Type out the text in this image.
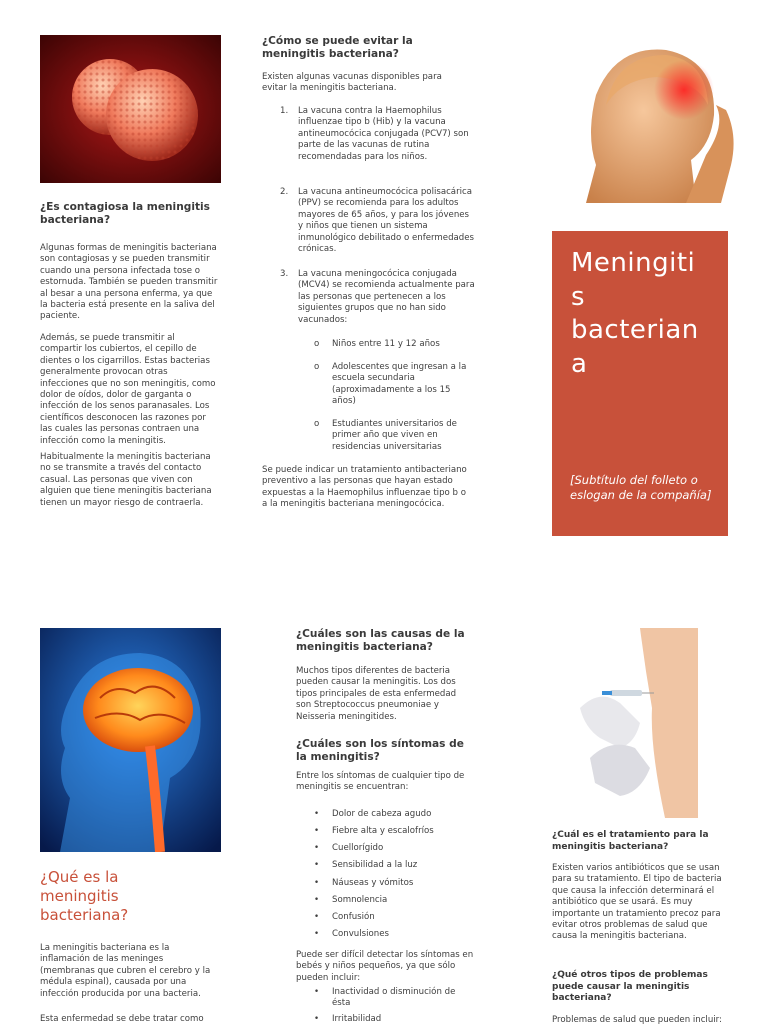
¿Es contagiosa la meningitis bacteriana?

Algunas formas de meningitis bacteriana son contagiosas y se pueden transmitir cuando una persona infectada tose o estornuda. También se pueden transmitir al besar a una persona enferma, ya que la bacteria está presente en la saliva del paciente.

Además, se puede transmitir al compartir los cubiertos, el cepillo de dientes o los cigarrillos. Estas bacterias generalmente provocan otras infecciones que no son meningitis, como dolor de oídos, dolor de garganta o infección de los senos paranasales. Los científicos desconocen las razones por las cuales las personas contraen una infección como la meningitis.

Habitualmente la meningitis bacteriana no se transmite a través del contacto casual. Las personas que viven con alguien que tiene meningitis bacteriana tienen un mayor riesgo de contraerla.

¿Cómo se puede evitar la meningitis bacteriana?

Existen algunas vacunas disponibles para evitar la meningitis bacteriana.

1. La vacuna contra la Haemophilus influenzae tipo b (Hib) y la vacuna antineumocócica conjugada (PCV7) son parte de las vacunas de rutina recomendadas para los niños.
2. La vacuna antineumocócica polisacárica (PPV) se recomienda para los adultos mayores de 65 años, y para los jóvenes y niños que tienen un sistema inmunológico debilitado o enfermedades crónicas.
3. La vacuna meningocócica conjugada (MCV4) se recomienda actualmente para las personas que pertenecen a los siguientes grupos que no han sido vacunados:
o Niños entre 11 y 12 años
o Adolescentes que ingresan a la escuela secundaria (aproximadamente a los 15 años)
o Estudiantes universitarios de primer año que viven en residencias universitarias

Se puede indicar un tratamiento antibacteriano preventivo a las personas que hayan estado expuestas a la Haemophilus influenzae tipo b o a la meningitis bacteriana meningocócica.

Meningiti
s
bacterian
a
[Subtítulo del folleto o eslogan de la compañía]
¿Qué es la meningitis bacteriana?

La meningitis bacteriana es la inflamación de las meninges (membranas que cubren el cerebro y la médula espinal), causada por una infección producida por una bacteria.

Esta enfermedad se debe tratar como

¿Cuáles son las causas de la meningitis bacteriana?

Muchos tipos diferentes de bacteria pueden causar la meningitis. Los dos tipos principales de esta enfermedad son Streptococcus pneumoniae y Neisseria meningitides.

¿Cuáles son los síntomas de la meningitis?

Entre los síntomas de cualquier tipo de meningitis se encuentran:

• Dolor de cabeza agudo
• Fiebre alta y escalofríos
• Cuellorígido
• Sensibilidad a la luz
• Náuseas y vómitos
• Somnolencia
• Confusión
• Convulsiones

Puede ser difícil detectar los síntomas en bebés y niños pequeños, ya que sólo pueden incluir:

• Inactividad o disminución de ésta
• Irritabilidad
¿Cuál es el tratamiento para la meningitis bacteriana?

Existen varios antibióticos que se usan para su tratamiento. El tipo de bacteria que causa la infección determinará el antibiótico que se usará. Es muy importante un tratamiento precoz para evitar otros problemas de salud que causa la meningitis bacteriana.

¿Qué otros tipos de problemas puede causar la meningitis bacteriana?

Problemas de salud que pueden incluir:
